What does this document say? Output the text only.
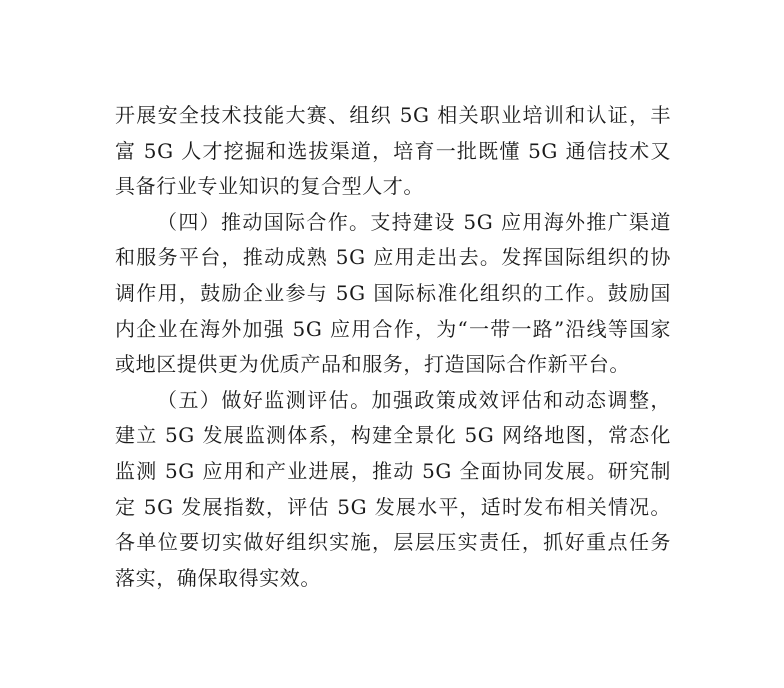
开展安全技术技能大赛、组织 5G 相关职业培训和认证，丰富 5G 人才挖掘和选拔渠道，培育一批既懂 5G 通信技术又具备行业专业知识的复合型人才。

（四）推动国际合作。支持建设 5G 应用海外推广渠道和服务平台，推动成熟 5G 应用走出去。发挥国际组织的协调作用，鼓励企业参与 5G 国际标准化组织的工作。鼓励国内企业在海外加强 5G 应用合作，为“一带一路”沿线等国家或地区提供更为优质产品和服务，打造国际合作新平台。

（五）做好监测评估。加强政策成效评估和动态调整，建立 5G 发展监测体系，构建全景化 5G 网络地图，常态化监测 5G 应用和产业进展，推动 5G 全面协同发展。研究制定 5G 发展指数，评估 5G 发展水平，适时发布相关情况。各单位要切实做好组织实施，层层压实责任，抓好重点任务落实，确保取得实效。
